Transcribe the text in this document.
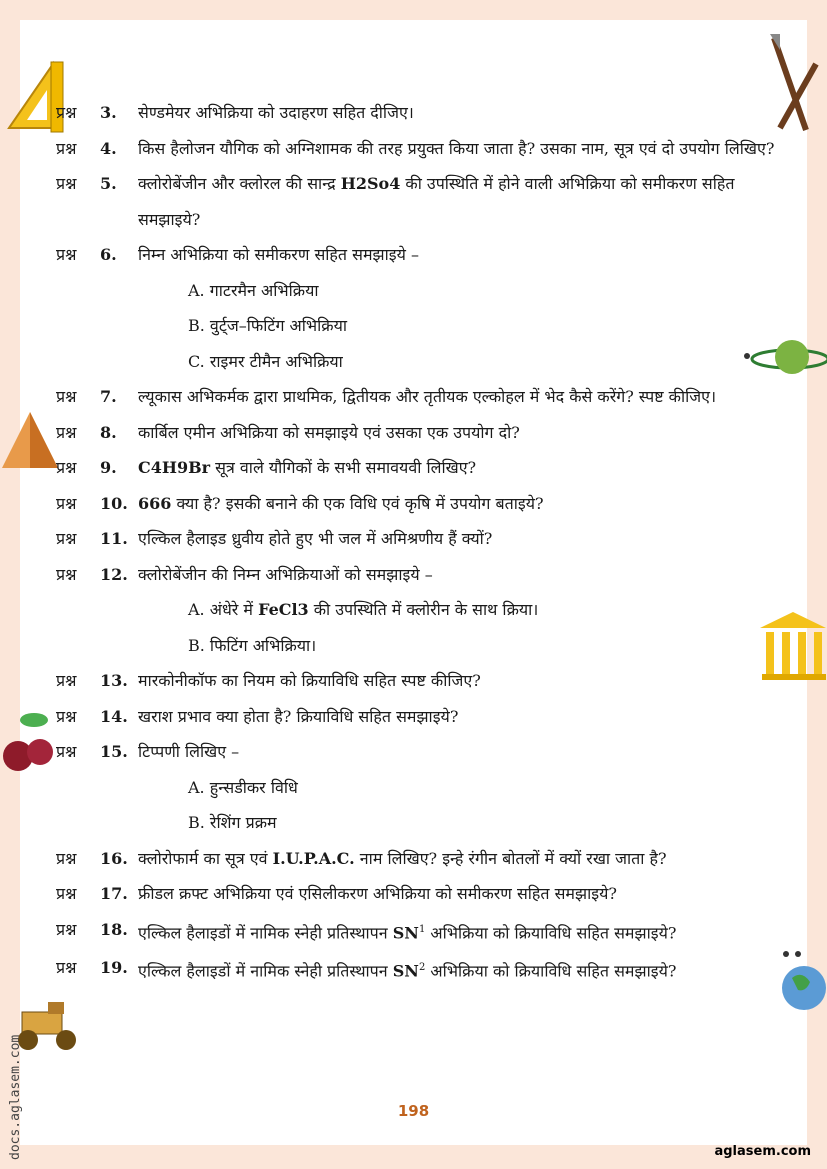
प्रश्न 3. सेण्डमेयर अभिक्रिया को उदाहरण सहित दीजिए।
प्रश्न 4. किस हैलोजन यौगिक को अग्निशामक की तरह प्रयुक्त किया जाता है? उसका नाम, सूत्र एवं दो उपयोग लिखिए?
प्रश्न 5. क्लोरोबेंजीन और क्लोरल की सान्द्र H2So4 की उपस्थिति में होने वाली अभिक्रिया को समीकरण सहित समझाइये?
प्रश्न 6. निम्न अभिक्रिया को समीकरण सहित समझाइये –
A. गाटरमैन अभिक्रिया
B. वुर्ट्ज–फिटिंग अभिक्रिया
C. राइमर टीमैन अभिक्रिया
प्रश्न 7. ल्यूकास अभिकर्मक द्वारा प्राथमिक, द्वितीयक और तृतीयक एल्कोहल में भेद कैसे करेंगे? स्पष्ट कीजिए।
प्रश्न 8. कार्बिल एमीन अभिक्रिया को समझाइये एवं उसका एक उपयोग दो?
प्रश्न 9. C4H9Br सूत्र वाले यौगिकों के सभी समावयवी लिखिए?
प्रश्न 10. 666 क्या है? इसकी बनाने की एक विधि एवं कृषि में उपयोग बताइये?
प्रश्न 11. एल्किल हैलाइड ध्रुवीय होते हुए भी जल में अमिश्रणीय हैं क्यों?
प्रश्न 12. क्लोरोबेंजीन की निम्न अभिक्रियाओं को समझाइये –
A. अंधेरे में FeCl3 की उपस्थिति में क्लोरीन के साथ क्रिया।
B. फिटिंग अभिक्रिया।
प्रश्न 13. मारकोनीकॉफ का नियम को क्रियाविधि सहित स्पष्ट कीजिए?
प्रश्न 14. खराश प्रभाव क्या होता है? क्रियाविधि सहित समझाइये?
प्रश्न 15. टिप्पणी लिखिए –
A. हुन्सडीकर विधि
B. रेशिंग प्रक्रम
प्रश्न 16. क्लोरोफार्म का सूत्र एवं I.U.P.A.C. नाम लिखिए? इन्हे रंगीन बोतलों में क्यों रखा जाता है?
प्रश्न 17. फ्रीडल क्रफ्ट अभिक्रिया एवं एसिलीकरण अभिक्रिया को समीकरण सहित समझाइये?
प्रश्न 18. एल्किल हैलाइडों में नामिक स्नेही प्रतिस्थापन $SN^1$ अभिक्रिया को क्रियाविधि सहित समझाइये?
प्रश्न 19. एल्किल हैलाइडों में नामिक स्नेही प्रतिस्थापन $SN^2$ अभिक्रिया को क्रियाविधि सहित समझाइये?
198
aglasem.com
docs.aglasem.com
